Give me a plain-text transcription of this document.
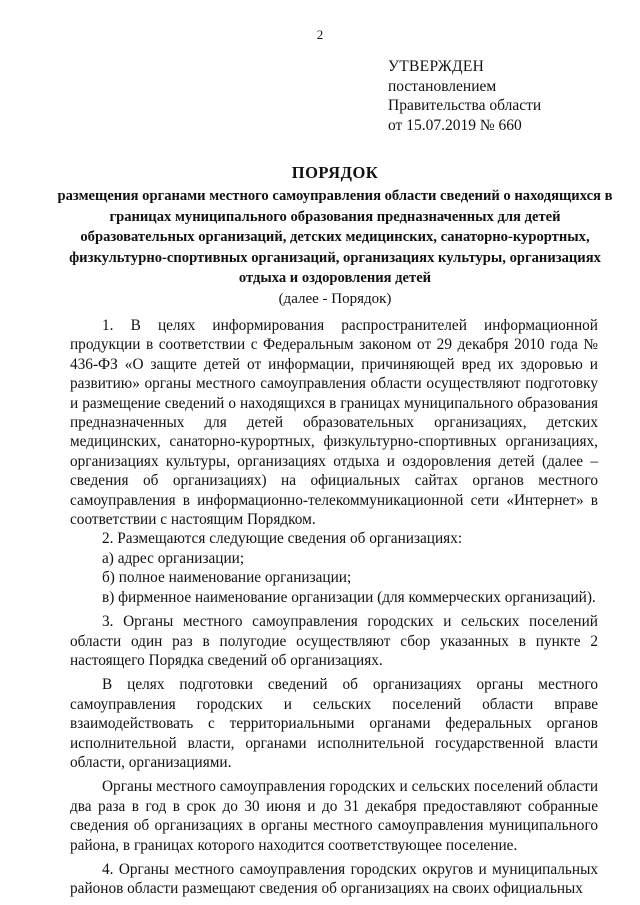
2
УТВЕРЖДЕН
постановлением
Правительства области
от 15.07.2019 № 660
ПОРЯДОК
размещения органами местного самоуправления области сведений о находящихся в границах муниципального образования предназначенных для детей образовательных организаций, детских медицинских, санаторно-курортных, физкультурно-спортивных организаций, организациях культуры, организациях отдыха и оздоровления детей
(далее - Порядок)

1. В целях информирования распространителей информационной продукции в соответствии с Федеральным законом от 29 декабря 2010 года № 436-ФЗ «О защите детей от информации, причиняющей вред их здоровью и развитию» органы местного самоуправления области осуществляют подготовку и размещение сведений о находящихся в границах муниципального образования предназначенных для детей образовательных организациях, детских медицинских, санаторно-курортных, физкультурно-спортивных организациях, организациях культуры, организациях отдыха и оздоровления детей (далее – сведения об организациях) на официальных сайтах органов местного самоуправления в информационно-телекоммуникационной сети «Интернет» в соответствии с настоящим Порядком.

2. Размещаются следующие сведения об организациях:

а) адрес организации;

б) полное наименование организации;

в) фирменное наименование организации (для коммерческих организаций).

3. Органы местного самоуправления городских и сельских поселений области один раз в полугодие осуществляют сбор указанных в пункте 2 настоящего Порядка сведений об организациях.

В целях подготовки сведений об организациях органы местного самоуправления городских и сельских поселений области вправе взаимодействовать с территориальными органами федеральных органов исполнительной власти, органами исполнительной государственной власти области, организациями.

Органы местного самоуправления городских и сельских поселений области два раза в год в срок до 30 июня и до 31 декабря предоставляют собранные сведения об организациях в органы местного самоуправления муниципального района, в границах которого находится соответствующее поселение.

4. Органы местного самоуправления городских округов и муниципальных районов области размещают сведения об организациях на своих официальных
